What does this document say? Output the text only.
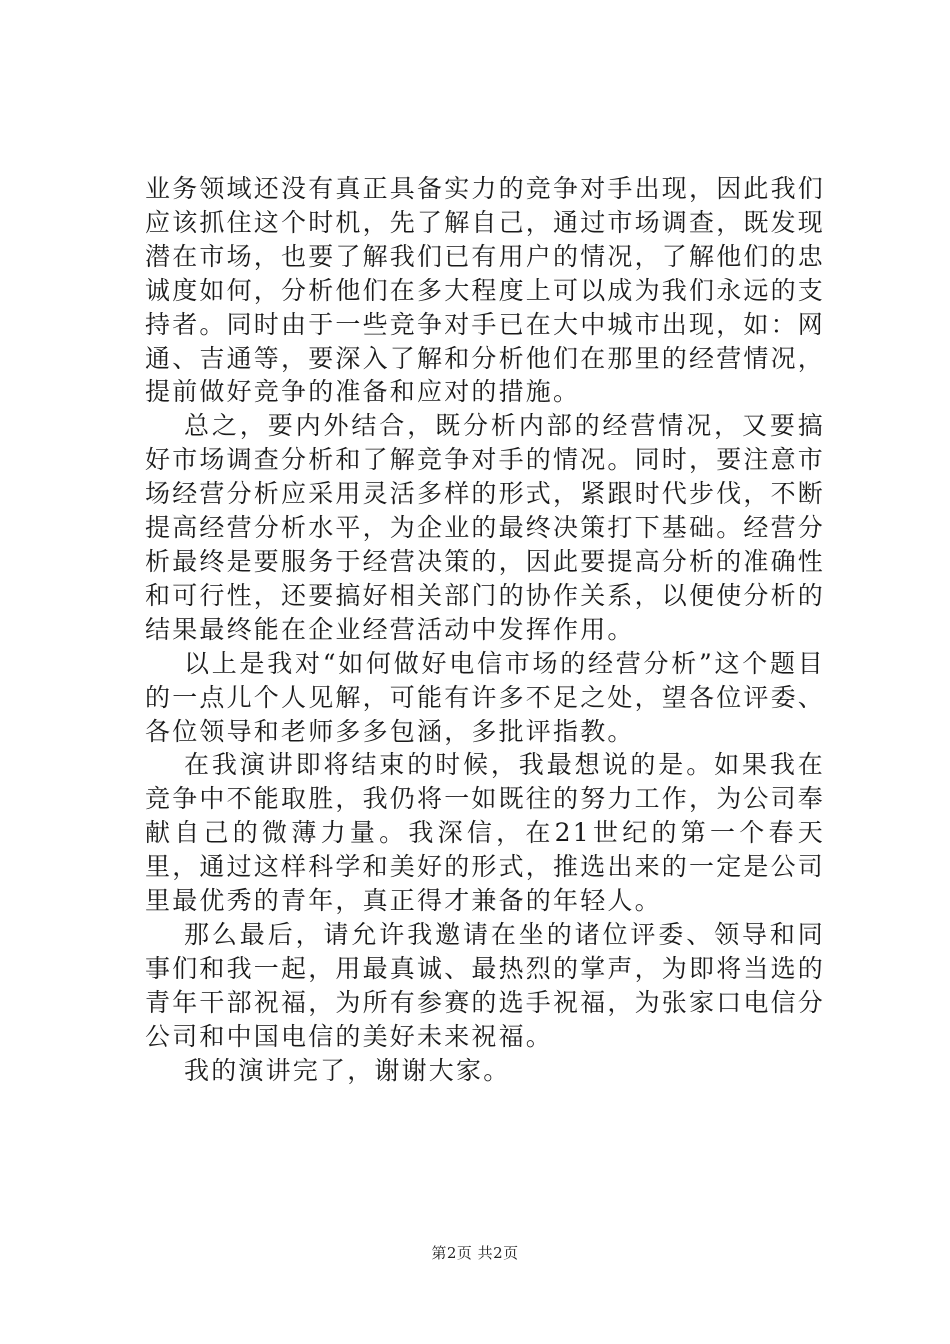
业务领域还没有真正具备实力的竞争对手出现，因此我们应该抓住这个时机，先了解自己，通过市场调查，既发现潜在市场，也要了解我们已有用户的情况，了解他们的忠诚度如何，分析他们在多大程度上可以成为我们永远的支持者。同时由于一些竞争对手已在大中城市出现，如：网通、吉通等，要深入了解和分析他们在那里的经营情况，提前做好竞争的准备和应对的措施。

总之，要内外结合，既分析内部的经营情况，又要搞好市场调查分析和了解竞争对手的情况。同时，要注意市场经营分析应采用灵活多样的形式，紧跟时代步伐，不断提高经营分析水平，为企业的最终决策打下基础。经营分析最终是要服务于经营决策的，因此要提高分析的准确性和可行性，还要搞好相关部门的协作关系，以便使分析的结果最终能在企业经营活动中发挥作用。

以上是我对“如何做好电信市场的经营分析”这个题目的一点儿个人见解，可能有许多不足之处，望各位评委、各位领导和老师多多包涵，多批评指教。

在我演讲即将结束的时候，我最想说的是。如果我在竞争中不能取胜，我仍将一如既往的努力工作，为公司奉献自己的微薄力量。我深信，在21世纪的第一个春天里，通过这样科学和美好的形式，推选出来的一定是公司里最优秀的青年，真正得才兼备的年轻人。

那么最后，请允许我邀请在坐的诸位评委、领导和同事们和我一起，用最真诚、最热烈的掌声，为即将当选的青年干部祝福，为所有参赛的选手祝福，为张家口电信分公司和中国电信的美好未来祝福。

我的演讲完了，谢谢大家。

第2页 共2页
